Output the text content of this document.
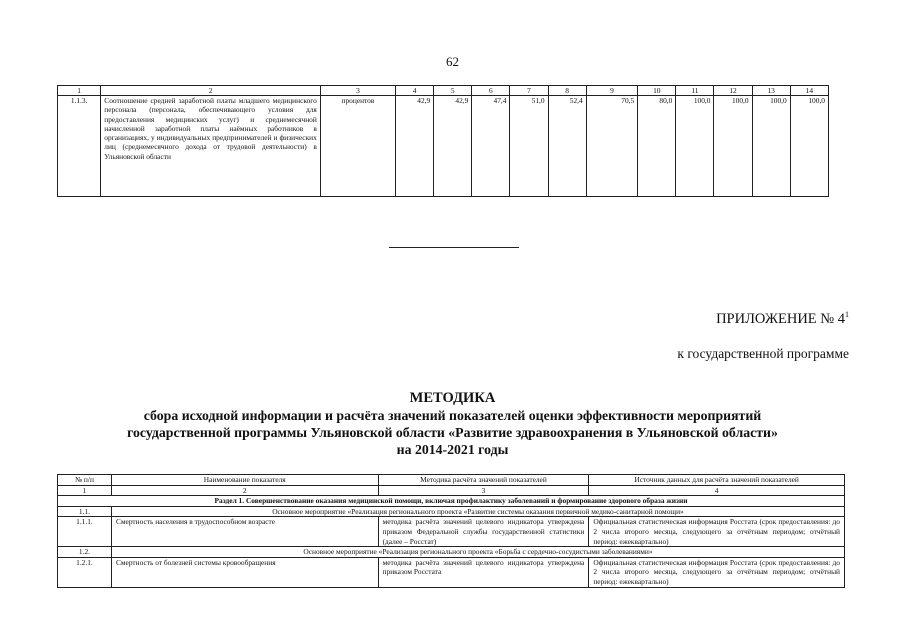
62
1	2	3	4	5	6	7	8	9	10	11	12	13	14
1.1.3.	Соотношение средней заработной платы младшего медицинского персонала (персонала, обеспечивающего условия для предоставления медицинских услуг) и среднемесячной начисленной заработной платы наёмных работников в организациях, у индивидуальных предпринимателей и физических лиц (среднемесячного дохода от трудовой деятельности) в Ульяновской области	процентов	42,9	42,9	47,4	51,0	52,4	70,5	80,0	100,0	100,0	100,0	100,0
ПРИЛОЖЕНИЕ № $4^1$
к государственной программе
МЕТОДИКА
сбора исходной информации и расчёта значений показателей оценки эффективности мероприятий
государственной программы Ульяновской области «Развитие здравоохранения в Ульяновской области»
на 2014-2021 годы
№ п/п	Наименование показателя	Методика расчёта значений показателей	Источник данных для расчёта значений показателей
1	2	3	4
Раздел 1. Совершенствование оказания медицинской помощи, включая профилактику заболеваний и формирование здорового образа жизни			
1.1.	Основное мероприятие «Реализация регионального проекта «Развитие системы оказания первичной медико-санитарной помощи»		
1.1.1.	Смертность населения в трудоспособном возрасте	методика расчёта значений целевого индикатора утверждена приказом Федеральной службы государственной статистики (далее – Росстат)	Официальная статистическая информация Росстата (срок предоставления: до 2 числа второго месяца, следующего за отчётным периодом; отчётный период: ежеквартально)
1.2.	Основное мероприятие «Реализация регионального проекта «Борьба с сердечно-сосудистыми заболеваниями»		
1.2.1.	Смертность от болезней системы кровообращения	методика расчёта значений целевого индикатора утверждена приказом Росстата	Официальная статистическая информация Росстата (срок предоставления: до 2 числа второго месяца, следующего за отчётным периодом; отчётный период: ежеквартально)
